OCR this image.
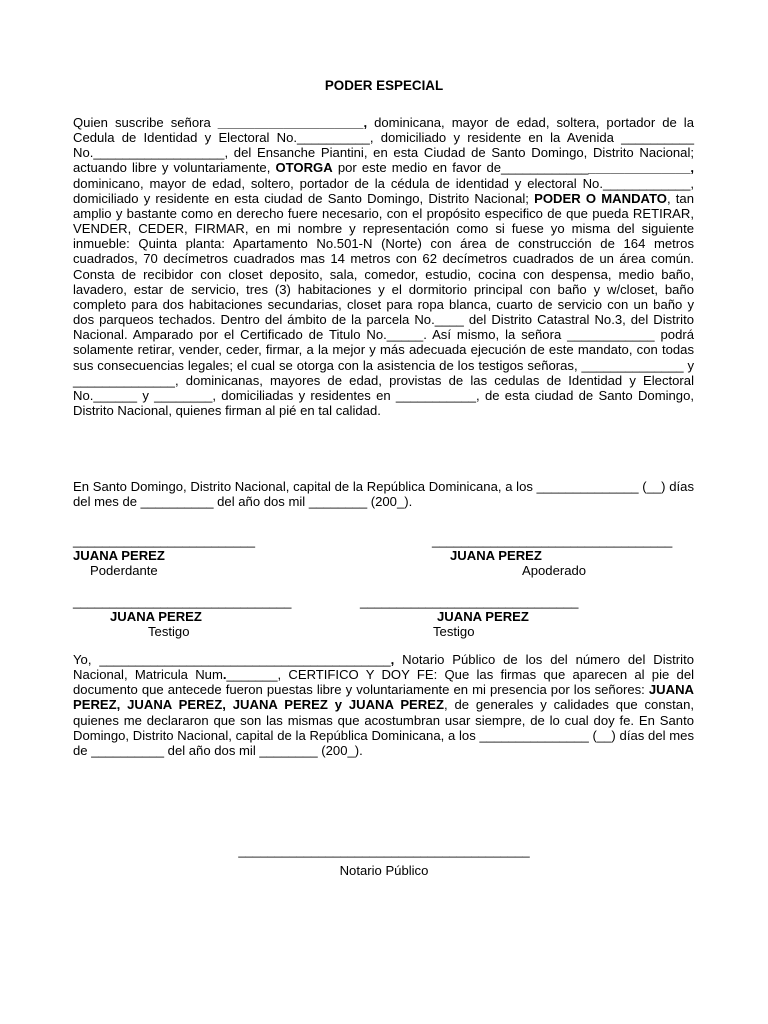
PODER ESPECIAL

Quien suscribe señora ____________________, dominicana, mayor de edad, soltera, portador de la Cedula de Identidad y Electoral No.__________, domiciliado y residente en la Avenida __________ No.__________________, del Ensanche Piantini, en esta Ciudad de Santo Domingo, Distrito Nacional; actuando libre y voluntariamente, OTORGA por este medio en favor de__________________________, dominicano, mayor de edad, soltero, portador de la cédula de identidad y electoral No.____________, domiciliado y residente en esta ciudad de Santo Domingo, Distrito Nacional; PODER O MANDATO, tan amplio y bastante como en derecho fuere necesario, con el propósito especifico de que pueda RETIRAR, VENDER, CEDER, FIRMAR, en mi nombre y representación como si fuese yo misma del siguiente inmueble: Quinta planta: Apartamento No.501-N (Norte) con área de construcción de 164 metros cuadrados, 70 decímetros cuadrados mas 14 metros con 62 decímetros cuadrados de un área común. Consta de recibidor con closet deposito, sala, comedor, estudio, cocina con despensa, medio baño, lavadero, estar de servicio, tres (3) habitaciones y el dormitorio principal con baño y w/closet, baño completo para dos habitaciones secundarias, closet para ropa blanca, cuarto de servicio con un baño y dos parqueos techados. Dentro del ámbito de la parcela No.____ del Distrito Catastral No.3, del Distrito Nacional. Amparado por el Certificado de Titulo No._____. Así mismo, la señora ____________ podrá solamente retirar, vender, ceder, firmar, a la mejor y más adecuada ejecución de este mandato, con todas sus consecuencias legales; el cual se otorga con la asistencia de los testigos señoras, ______________ y ______________, dominicanas, mayores de edad, provistas de las cedulas de Identidad y Electoral No.______ y ________, domiciliadas y residentes en ___________, de esta ciudad de Santo Domingo, Distrito Nacional, quienes firman al pié en tal calidad.

En Santo Domingo, Distrito Nacional, capital de la República Dominicana, a los ______________ (__) días del mes de __________ del año dos mil ________ (200_).

_________________________
JUANA PEREZ
Poderdante
_________________________________
JUANA PEREZ
Apoderado
______________________________
JUANA PEREZ
Testigo
______________________________
JUANA PEREZ
Testigo

Yo, ________________________________________, Notario Público de los del número del Distrito Nacional, Matricula Num._______, CERTIFICO Y DOY FE: Que las firmas que aparecen al pie del documento que antecede fueron puestas libre y voluntariamente en mi presencia por los señores: JUANA PEREZ, JUANA PEREZ, JUANA PEREZ y JUANA PEREZ, de generales y calidades que constan, quienes me declararon que son las mismas que acostumbran usar siempre, de lo cual doy fe. En Santo Domingo, Distrito Nacional, capital de la República Dominicana, a los _______________ (__) días del mes de __________ del año dos mil ________ (200_).

________________________________________
Notario Público
